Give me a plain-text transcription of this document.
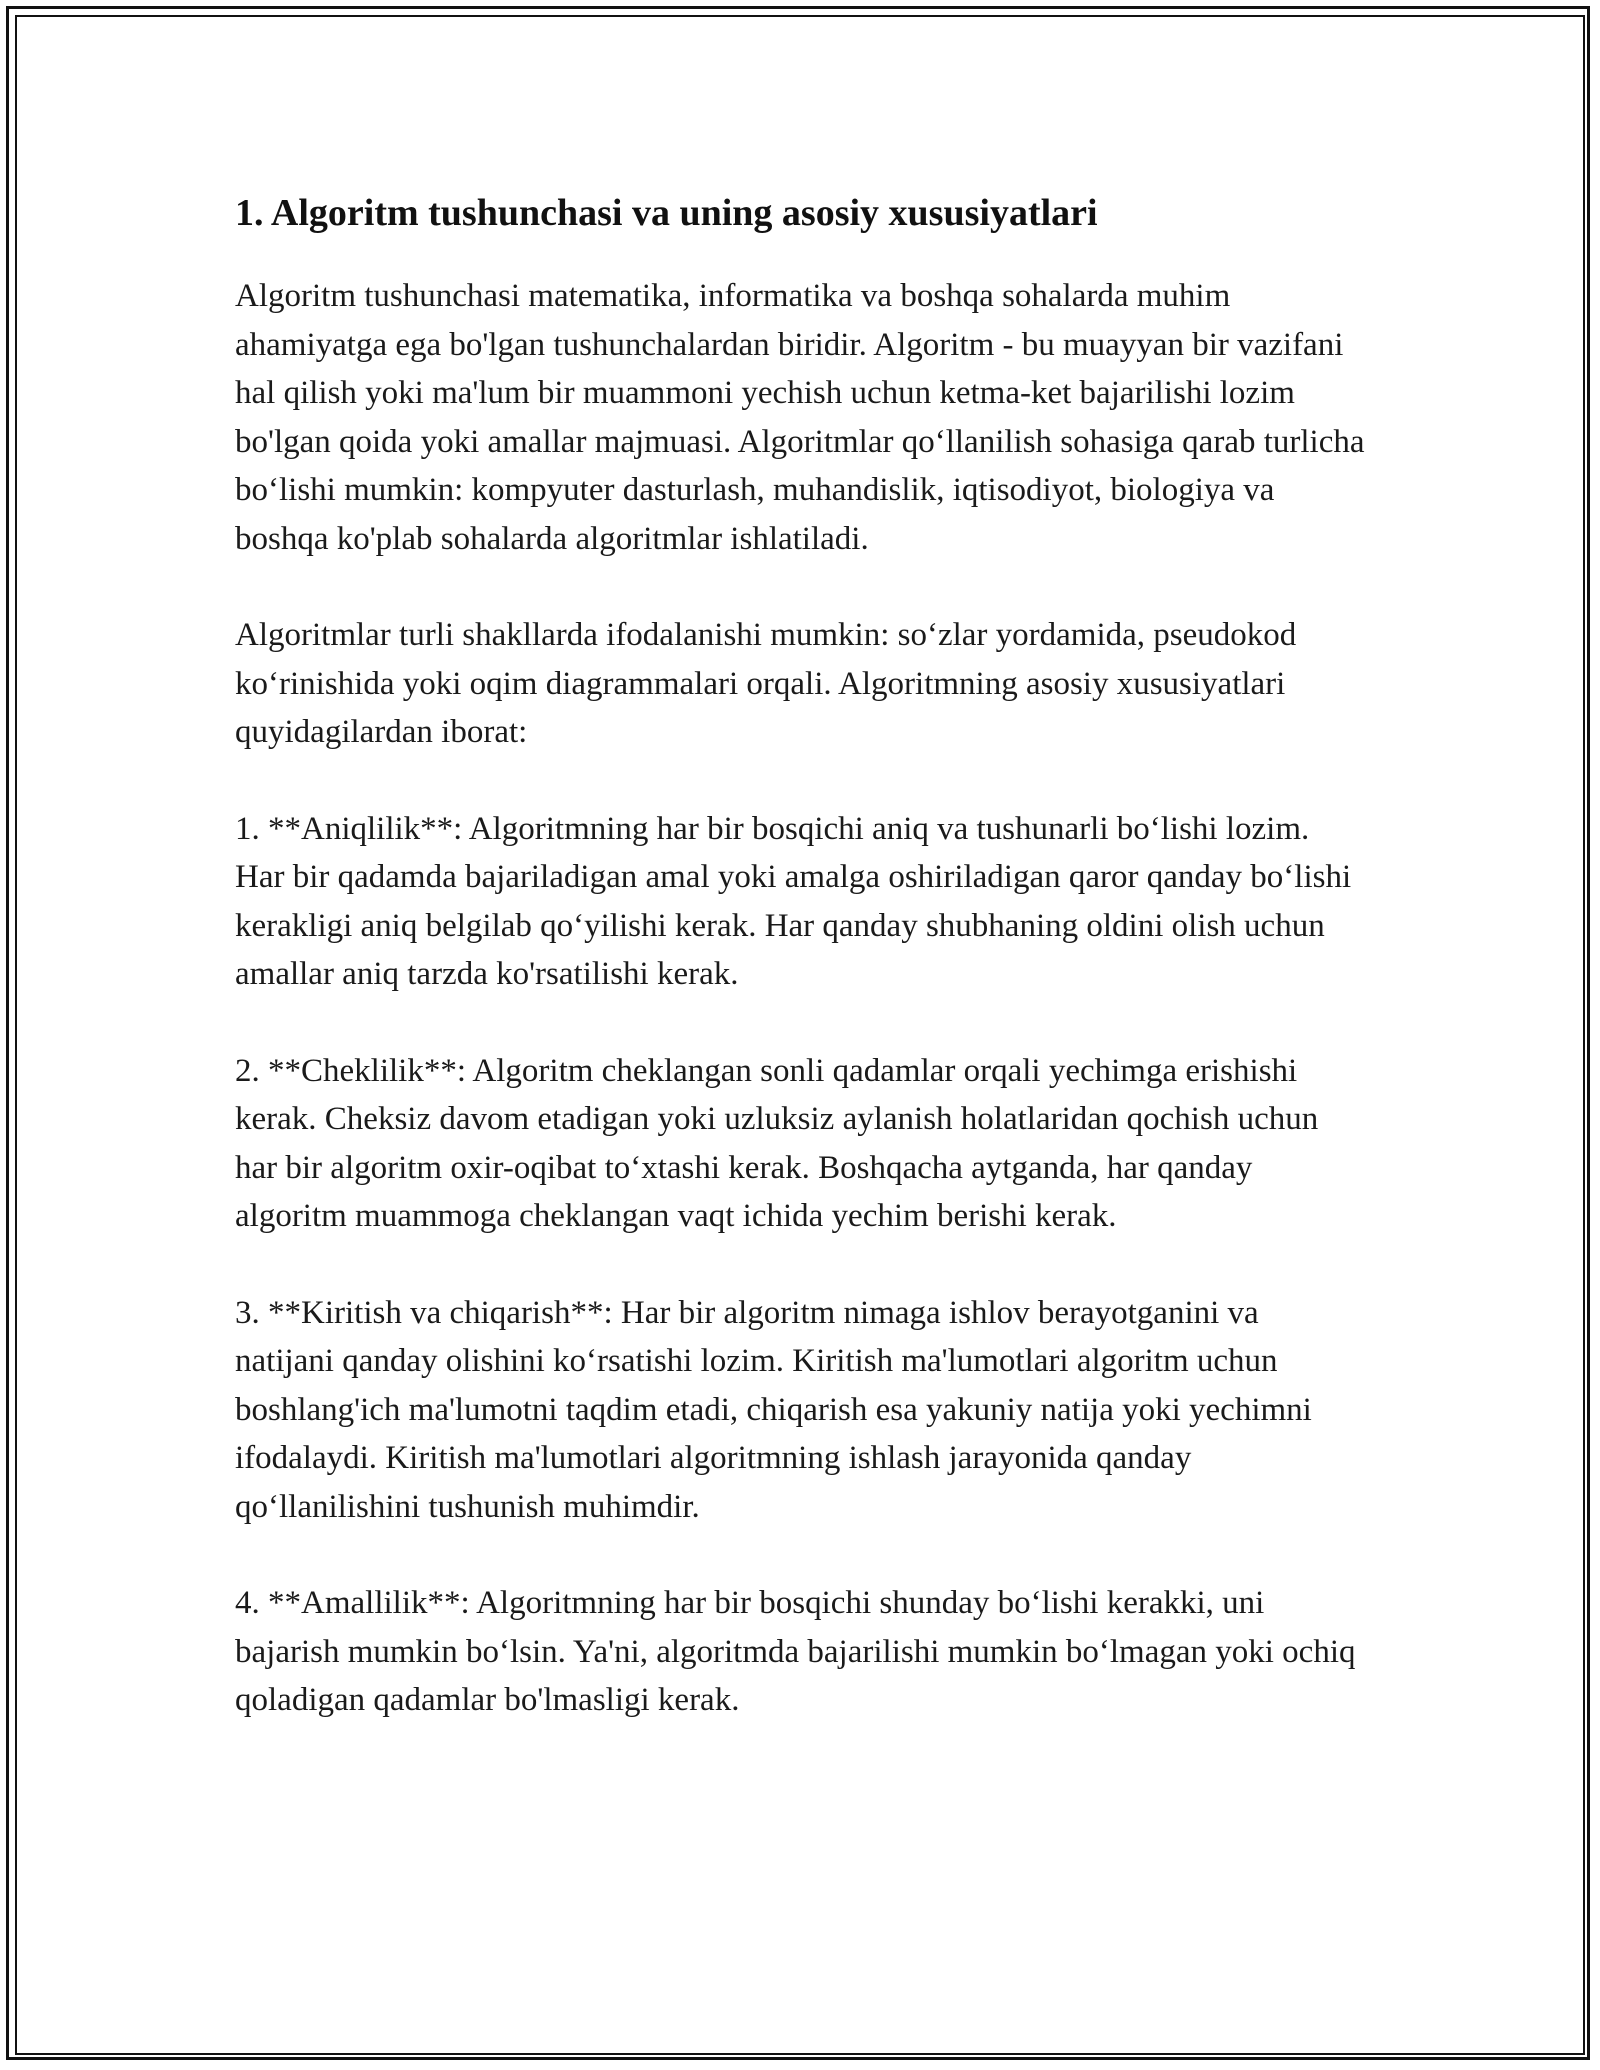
1. Algoritm tushunchasi va uning asosiy xususiyatlari

Algoritm tushunchasi matematika, informatika va boshqa sohalarda muhim ahamiyatga ega bo'lgan tushunchalardan biridir. Algoritm - bu muayyan bir vazifani hal qilish yoki ma'lum bir muammoni yechish uchun ketma-ket bajarilishi lozim bo'lgan qoida yoki amallar majmuasi. Algoritmlar qo‘llanilish sohasiga qarab turlicha bo‘lishi mumkin: kompyuter dasturlash, muhandislik, iqtisodiyot, biologiya va boshqa ko'plab sohalarda algoritmlar ishlatiladi.

Algoritmlar turli shakllarda ifodalanishi mumkin: so‘zlar yordamida, pseudokod ko‘rinishida yoki oqim diagrammalari orqali. Algoritmning asosiy xususiyatlari quyidagilardan iborat:

1. **Aniqlilik**: Algoritmning har bir bosqichi aniq va tushunarli bo‘lishi lozim. Har bir qadamda bajariladigan amal yoki amalga oshiriladigan qaror qanday bo‘lishi kerakligi aniq belgilab qo‘yilishi kerak. Har qanday shubhaning oldini olish uchun amallar aniq tarzda ko'rsatilishi kerak.

2. **Cheklilik**: Algoritm cheklangan sonli qadamlar orqali yechimga erishishi kerak. Cheksiz davom etadigan yoki uzluksiz aylanish holatlaridan qochish uchun har bir algoritm oxir-oqibat to‘xtashi kerak. Boshqacha aytganda, har qanday algoritm muammoga cheklangan vaqt ichida yechim berishi kerak.

3. **Kiritish va chiqarish**: Har bir algoritm nimaga ishlov berayotganini va natijani qanday olishini ko‘rsatishi lozim. Kiritish ma'lumotlari algoritm uchun boshlang'ich ma'lumotni taqdim etadi, chiqarish esa yakuniy natija yoki yechimni ifodalaydi. Kiritish ma'lumotlari algoritmning ishlash jarayonida qanday qo‘llanilishini tushunish muhimdir.

4. **Amallilik**: Algoritmning har bir bosqichi shunday bo‘lishi kerakki, uni bajarish mumkin bo‘lsin. Ya'ni, algoritmda bajarilishi mumkin bo‘lmagan yoki ochiq qoladigan qadamlar bo'lmasligi kerak.
